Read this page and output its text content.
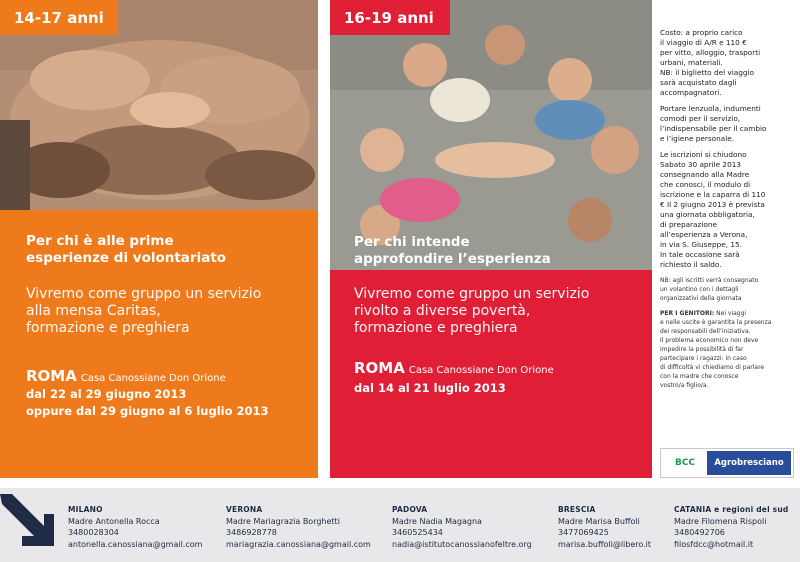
14-17 anni
Per chi è alle prime
esperienze di volontariato
Vivremo come gruppo un servizio
alla mensa Caritas,
formazione e preghiera
ROMA Casa Canossiane Don Orione
dal 22 al 29 giugno 2013
oppure dal 29 giugno al 6 luglio 2013
16-19 anni
Per chi intende
approfondire l’esperienza
Vivremo come gruppo un servizio
rivolto a diverse povertà,
formazione e preghiera
ROMA Casa Canossiane Don Orione
dal 14 al 21 luglio 2013
Costo: a proprio carico
il viaggio di A/R e 110 €
per vitto, alloggio, trasporti
urbani, materiali.
NB: il biglietto del viaggio
sarà acquistato dagli
accompagnatori.
Portare lenzuola, indumenti
comodi per il servizio,
l’indispensabile per il cambio
e l’igiene personale.
Le iscrizioni si chiudono
Sabato 30 aprile 2013
consegnando alla Madre
che conosci, il modulo di
iscrizione e la caparra di 110
€ Il 2 giugno 2013 è prevista
una giornata obbligatoria,
di preparazione
all’esperienza a Verona,
in via S. Giuseppe, 15.
In tale occasione sarà
richiesto il saldo.
NB: agli iscritti verrà consegnato
un volantino con i dettagli
organizzativi della giornata
PER I GENITORI: Nei viaggi
e nelle uscite è garantita la presenza
dei responsabili dell’iniziativa.
Il problema economico non deve
impedire la possibilità di far
partecipare i ragazzi: in caso
di difficoltà vi chiediamo di parlare
con la madre che conosce
vostro/a figlio/a.
BCC	Agrobresciano
MILANO
Madre Antonella Rocca
3480028304
antonella.canossiana@gmail.com
VERONA
Madre Mariagrazia Borghetti
3486928778
mariagrazia.canossiana@gmail.com
PADOVA
Madre Nadia Magagna
3460525434
nadia@istitutocanossianofeltre.org
BRESCIA
Madre Marisa Buffoli
3477069425
marisa.buffoli@libero.it
CATANIA e regioni del sud
Madre Filomena Rispoli
3480492706
filosfdcc@hotmail.it
